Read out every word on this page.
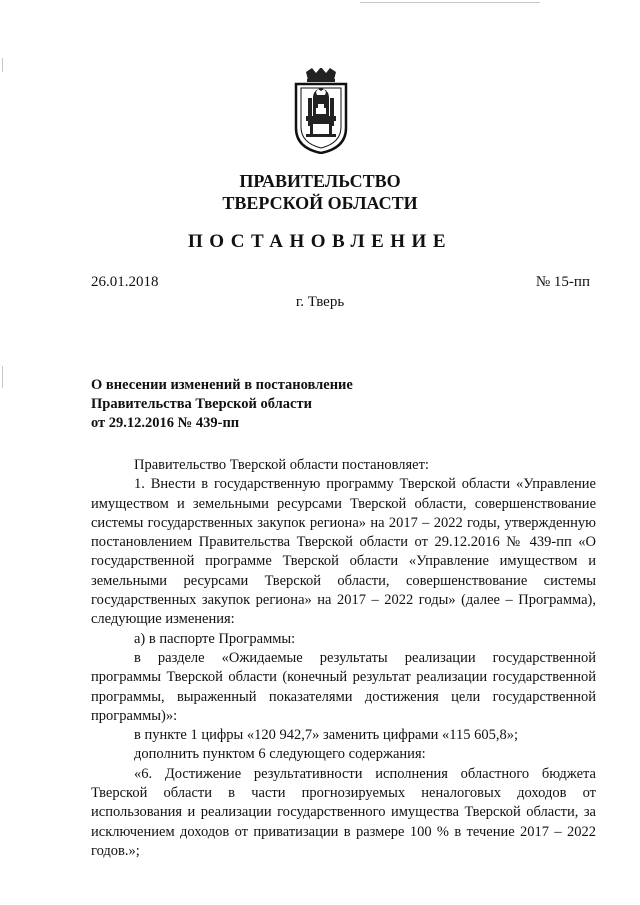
ПРАВИТЕЛЬСТВО
ТВЕРСКОЙ ОБЛАСТИ
ПОСТАНОВЛЕНИЕ
26.01.2018	№ 15-пп
г. Тверь
О внесении изменений в постановление
Правительства Тверской области
от 29.12.2016 № 439-пп

Правительство Тверской области постановляет:

1. Внести в государственную программу Тверской области «Управление имуществом и земельными ресурсами Тверской области, совершенствование системы государственных закупок региона» на 2017 – 2022 годы, утвержденную постановлением Правительства Тверской области от 29.12.2016 № 439-пп «О государственной программе Тверской области «Управление имуществом и земельными ресурсами Тверской области, совершенствование системы государственных закупок региона» на 2017 – 2022 годы» (далее – Программа), следующие изменения:

а) в паспорте Программы:

в разделе «Ожидаемые результаты реализации государственной программы Тверской области (конечный результат реализации государственной программы, выраженный показателями достижения цели государственной программы)»:

в пункте 1 цифры «120 942,7» заменить цифрами «115 605,8»;

дополнить пунктом 6 следующего содержания:

«6. Достижение результативности исполнения областного бюджета Тверской области в части прогнозируемых неналоговых доходов от использования и реализации государственного имущества Тверской области, за исключением доходов от приватизации в размере 100 % в течение 2017 – 2022 годов.»;
